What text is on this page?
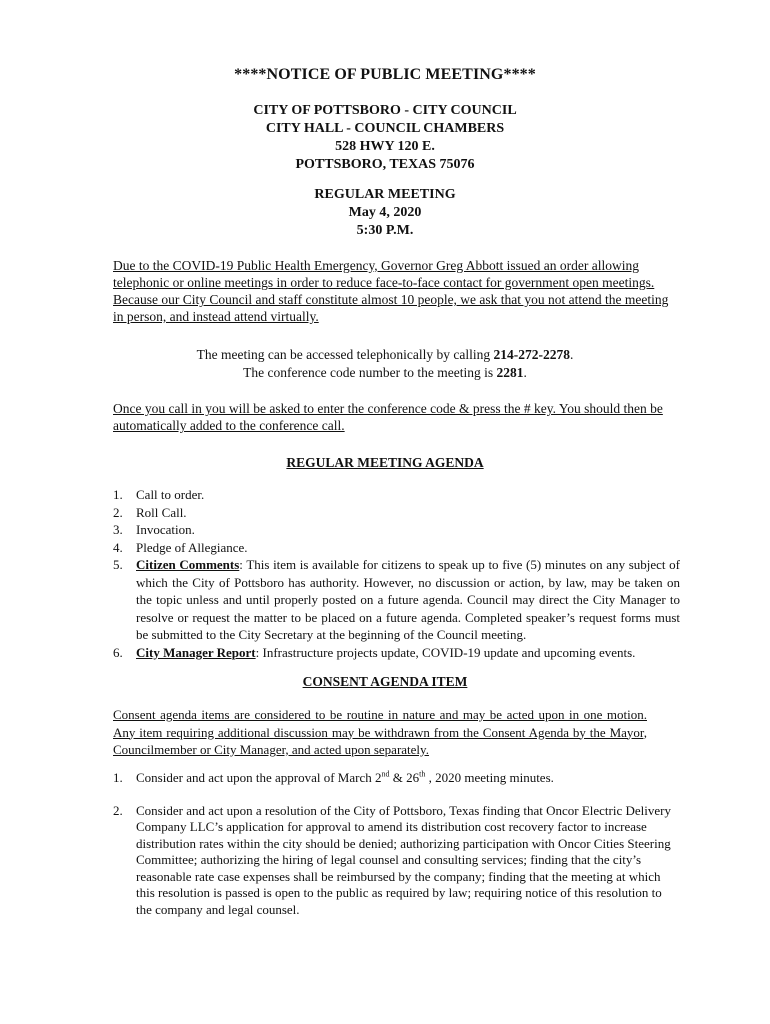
****NOTICE OF PUBLIC MEETING****
CITY OF POTTSBORO - CITY COUNCIL
CITY HALL - COUNCIL CHAMBERS
528 HWY 120 E.
POTTSBORO, TEXAS 75076
REGULAR MEETING
May 4, 2020
5:30 P.M.
Due to the COVID-19 Public Health Emergency, Governor Greg Abbott issued an order allowing telephonic or online meetings in order to reduce face-to-face contact for government open meetings. Because our City Council and staff constitute almost 10 people, we ask that you not attend the meeting in person, and instead attend virtually.
The meeting can be accessed telephonically by calling 214-272-2278.
The conference code number to the meeting is 2281.
Once you call in you will be asked to enter the conference code & press the # key. You should then be automatically added to the conference call.
REGULAR MEETING AGENDA
1. Call to order.
2. Roll Call.
3. Invocation.
4. Pledge of Allegiance.
5. Citizen Comments: This item is available for citizens to speak up to five (5) minutes on any subject of which the City of Pottsboro has authority. However, no discussion or action, by law, may be taken on the topic unless and until properly posted on a future agenda. Council may direct the City Manager to resolve or request the matter to be placed on a future agenda. Completed speaker’s request forms must be submitted to the City Secretary at the beginning of the Council meeting.
6. City Manager Report: Infrastructure projects update, COVID-19 update and upcoming events.
CONSENT AGENDA ITEM
Consent agenda items are considered to be routine in nature and may be acted upon in one motion. Any item requiring additional discussion may be withdrawn from the Consent Agenda by the Mayor, Councilmember or City Manager, and acted upon separately.
1. Consider and act upon the approval of March 2nd & 26th , 2020 meeting minutes.
2. Consider and act upon a resolution of the City of Pottsboro, Texas finding that Oncor Electric Delivery Company LLC’s application for approval to amend its distribution cost recovery factor to increase distribution rates within the city should be denied; authorizing participation with Oncor Cities Steering Committee; authorizing the hiring of legal counsel and consulting services; finding that the city’s reasonable rate case expenses shall be reimbursed by the company; finding that the meeting at which this resolution is passed is open to the public as required by law; requiring notice of this resolution to the company and legal counsel.
